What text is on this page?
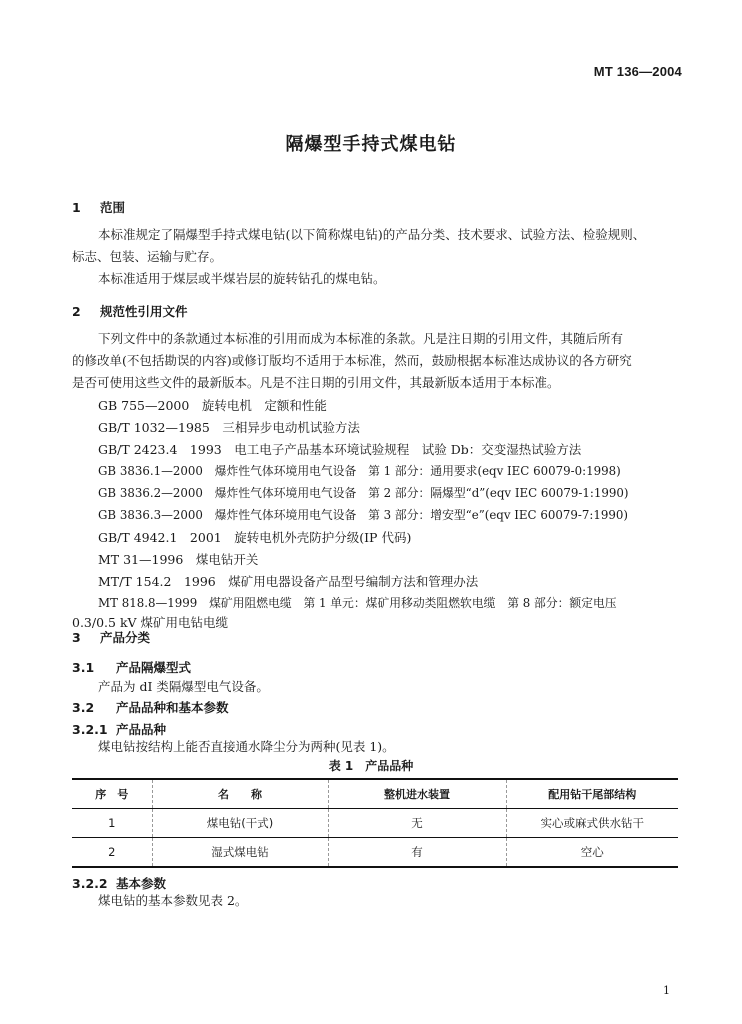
MT 136—2004
隔爆型手持式煤电钻
1 范围
本标准规定了隔爆型手持式煤电钻(以下简称煤电钻)的产品分类、技术要求、试验方法、检验规则、
标志、包装、运输与贮存。
本标准适用于煤层或半煤岩层的旋转钻孔的煤电钻。
2 规范性引用文件
下列文件中的条款通过本标准的引用而成为本标准的条款。凡是注日期的引用文件，其随后所有
的修改单(不包括勘误的内容)或修订版均不适用于本标准，然而，鼓励根据本标准达成协议的各方研究
是否可使用这些文件的最新版本。凡是不注日期的引用文件，其最新版本适用于本标准。
GB 755—2000　旋转电机　定额和性能
GB/T 1032—1985　三相异步电动机试验方法
GB/T 2423.4　1993　电工电子产品基本环境试验规程　试验 Db：交变湿热试验方法
GB 3836.1—2000　爆炸性气体环境用电气设备　第 1 部分：通用要求(eqv IEC 60079-0:1998)
GB 3836.2—2000　爆炸性气体环境用电气设备　第 2 部分：隔爆型“d”(eqv IEC 60079-1:1990)
GB 3836.3—2000　爆炸性气体环境用电气设备　第 3 部分：增安型“e”(eqv IEC 60079-7:1990)
GB/T 4942.1　2001　旋转电机外壳防护分级(IP 代码)
MT 31—1996　煤电钻开关
MT/T 154.2　1996　煤矿用电器设备产品型号编制方法和管理办法
MT 818.8—1999　煤矿用阻燃电缆　第 1 单元：煤矿用移动类阻燃软电缆　第 8 部分：额定电压
0.3/0.5 kV 煤矿用电钻电缆
3 产品分类
3.1 产品隔爆型式
产品为 dI 类隔爆型电气设备。
3.2 产品品种和基本参数
3.2.1 产品品种
煤电钻按结构上能否直接通水降尘分为两种(见表 1)。
表 1　产品品种
序　号	名　　称	整机进水装置	配用钻干尾部结构
1	煤电钻(干式)	无	实心或麻式供水钻干
2	湿式煤电钻	有	空心
3.2.2 基本参数
煤电钻的基本参数见表 2。
1
